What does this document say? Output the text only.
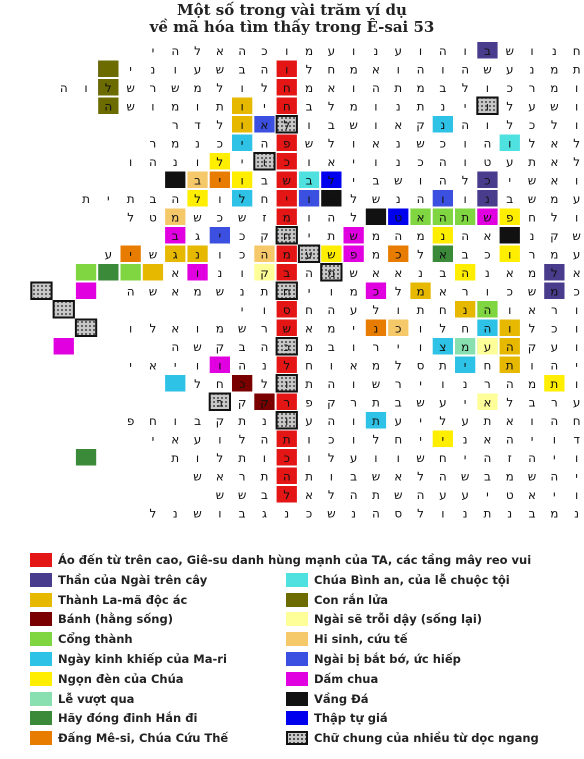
Một số trong vài trăm ví dụ
về mã hóa tìm thấy trong Ê-sai 53
ח
נ
ו
ש
ב
ו
ה
ו
ע
נ
ו
ע
מ
ו
כ
ה
א
ל
ה
י
ת
מ
נ
ע
ש
ה
ו
ה
ו
א
מ
ח
ל
ו
ה
ב
ש
ע
ו
נ
י
ו
מ
ר
כ
ו
ל
ב
מ
ת
ה
ו
א
מ
ח
ל
ו
ל
מ
ש
ר
ש
ל
ו
ה
ו
ש
ע
ל
ו
י
נ
ת
נ
ו
מ
ל
ב
ח
י
ו
ת
ו
מ
ו
ש
ה
ו
ל
כ
ל
ו
ה
נ
ק
א
ו
ש
ב
ו
ל
א
ו
ל
ד
ר
ל
א
ל
ו
ה
ו
כ
ש
נ
א
ו
ל
ש
פ
ה
י
כ
נ
מ
ר
ל
א
ת
ע
ט
ו
ה
כ
נ
ו
י
א
ו
כ
ו
י
ל
ו
נ
ה
ו
ו
א
ש
י
כ
ל
ה
ו
ש
ב
י
ל
ב
ש
ב
ו
י
ב
ל
ע
מ
ש
ב
נ
ו
ו
ה
נ
ש
ל
א
ו
י
ח
ל
ו
ל
ה
ב
ת
י
ת
ו
ל
ח
פ
ש
ת
ה
א
ט
ו
ל
ה
ו
מ
ז
ש
כ
ש
מ
ט
ל
ש
ק
נ
ו
א
ה
נ
מ
ה
מ
ש
ת
י
ח
ק
כ
י
ג
ב
ע
מ
ר
ו
כ
ב
א
ל
כ
מ
פ
ש
ע
מ
ה
כ
ו
נ
ג
ש
י
ע
א
ל
מ
א
נ
ה
ב
נ
א
א
ש
מ
ה
ב
ק
ו
נ
ו
א
כ
מ
ש
כ
ו
ר
א
מ
ל
כ
מ
ו
י
ח
ת
נ
ש
מ
א
ש
ה
ו
ר
א
ו
ה
נ
ח
ת
ו
ל
ע
ה
ח
ס
ו
י
ו
כ
ל
ו
ה
ח
ל
ו
כ
נ
י
מ
א
ש
ר
ש
מ
ו
א
ל
ו
ו
ע
ק
ה
ע
מ
צ
ו
י
ר
ו
ב
מ
כ
ה
ב
ק
ש
ה
י
ה
ו
ת
ח
י
ת
ס
ל
מ
א
ו
ח
ל
נ
ה
ו
ו
י
א
י
ו
ת
מ
ה
ר
נ
ו
י
ר
ש
ו
ה
ת
ו
ל
כ
ח
ל
ע
ר
ב
ל
א
י
ע
ש
ב
ת
ר
ק
פ
ר
ק
ק
ב
ח
ה
ו
א
ת
ע
ל
י
ע
ת
ו
ה
ע
ו
נ
ת
ק
ב
ו
ח
פ
ד
ו
י
ה
א
נ
י
י
ח
ל
ו
כ
ו
ת
ה
ל
ו
ע
א
י
ו
י
ה
ז
ה
י
ח
ש
ו
ו
ע
ל
ו
כ
ו
ת
ל
ו
ת
י
ה
ש
מ
ב
ש
ה
ל
א
ש
ב
ו
ת
ה
ת
ר
א
ש
ו
י
א
ט
י
ע
ע
ה
ש
ת
ה
ל
א
ל
ב
ש
ש
נ
מ
ב
נ
ת
נ
ו
ל
ס
ה
נ
ש
כ
נ
ג
ב
ו
ש
נ
ל
Áo đến từ trên cao, Giê-su danh hùng mạnh của TA, các tầng mây reo vui
Thần của Ngài trên cây
Thành La-mã độc ác
Bánh (hằng sống)
Cổng thành
Ngày kinh khiếp của Ma-ri
Ngọn đèn của Chúa
Lễ vượt qua
Hãy đóng đinh Hắn đi
Đấng Mê-si, Chúa Cứu Thế
Chúa Bình an, của lễ chuộc tội
Con rắn lửa
Ngài sẽ trỗi dậy (sống lại)
Hi sinh, cứu tế
Ngài bị bắt bớ, ức hiếp
Dấm chua
Vầng Đá
Thập tự giá
Chữ chung của nhiều từ dọc ngang
